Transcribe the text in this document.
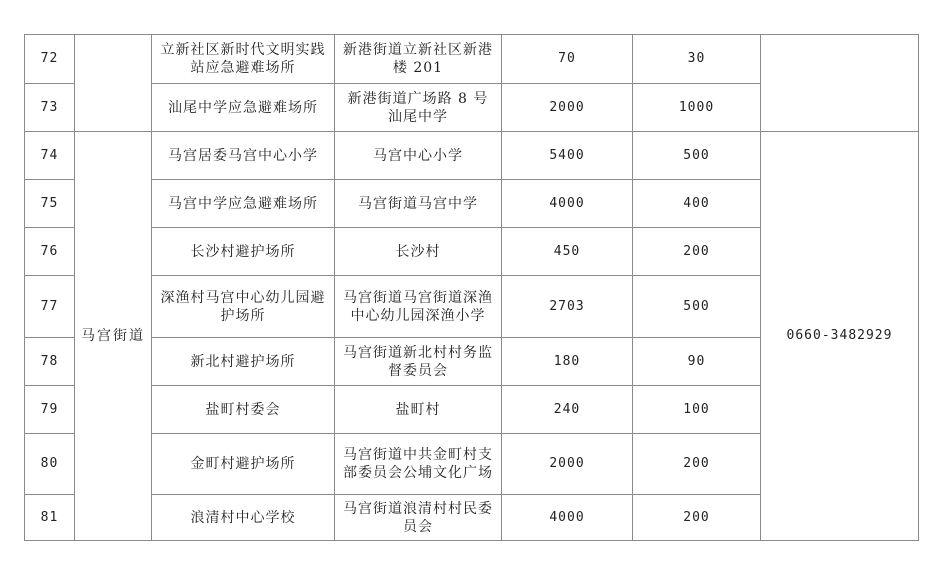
72		立新社区新时代文明实践站应急避难场所	新港街道立新社区新港楼 201	70	30	
73		汕尾中学应急避难场所	新港街道广场路 8 号汕尾中学	2000	1000	
74	马宫街道	马宫居委马宫中心小学	马宫中心小学	5400	500	0660-3482929
75		马宫中学应急避难场所	马宫街道马宫中学	4000	400	
76		长沙村避护场所	长沙村	450	200	
77		深渔村马宫中心幼儿园避护场所	马宫街道马宫街道深渔中心幼儿园深渔小学	2703	500	
78		新北村避护场所	马宫街道新北村村务监督委员会	180	90	
79		盐町村委会	盐町村	240	100	
80		金町村避护场所	马宫街道中共金町村支部委员会公埔文化广场	2000	200	
81		浪清村中心学校	马宫街道浪清村村民委员会	4000	200	
